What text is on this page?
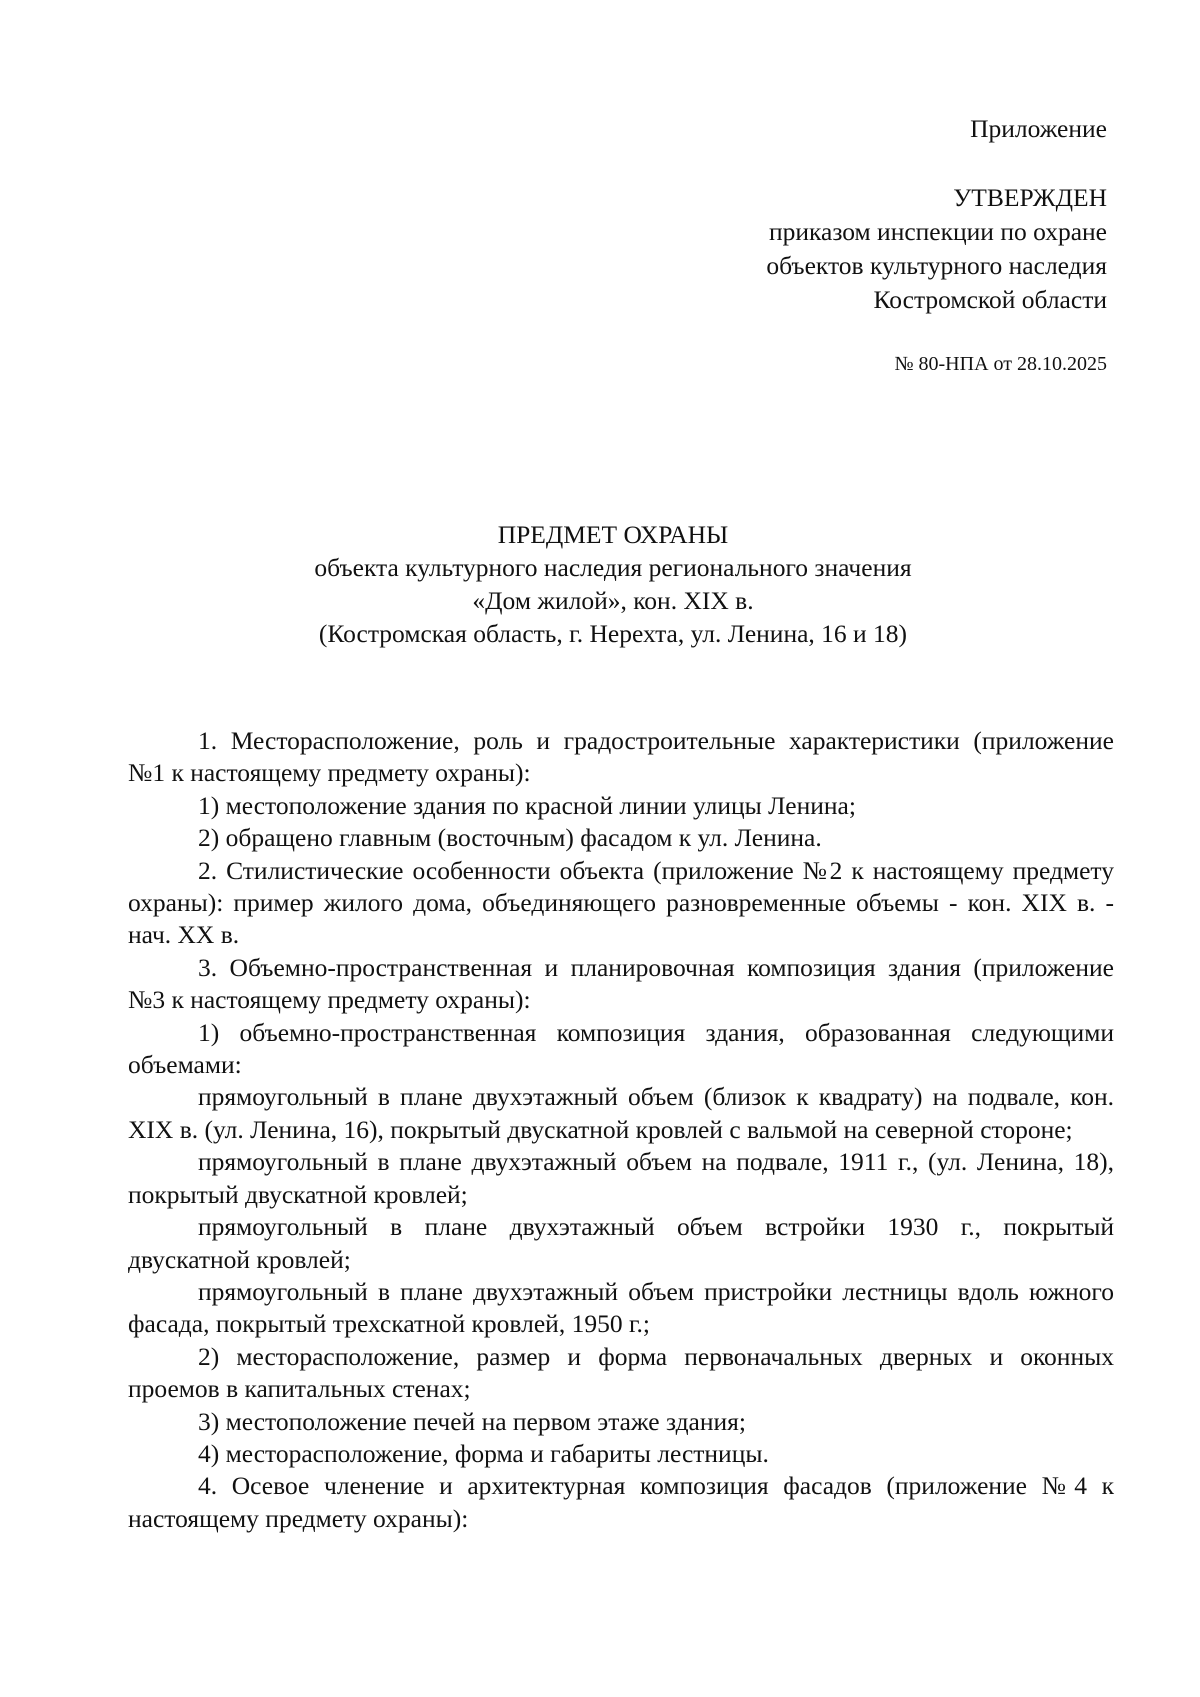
Приложение

УТВЕРЖДЕН

приказом инспекции по охране

объектов культурного наследия

Костромской области

№ 80-НПА от 28.10.2025

ПРЕДМЕТ ОХРАНЫ
объекта культурного наследия регионального значения
«Дом жилой», кон. XIX в.
(Костромская область, г. Нерехта, ул. Ленина, 16 и 18)

1. Месторасположение, роль и градостроительные характеристики (приложение №1 к настоящему предмету охраны):

1) местоположение здания по красной линии улицы Ленина;

2) обращено главным (восточным) фасадом к ул. Ленина.

2. Стилистические особенности объекта (приложение №2 к настоящему предмету охраны): пример жилого дома, объединяющего разновременные объемы - кон. XIX в. - нач. XX в.

3. Объемно-пространственная и планировочная композиция здания (приложение №3 к настоящему предмету охраны):

1) объемно-пространственная композиция здания, образованная следующими объемами:

прямоугольный в плане двухэтажный объем (близок к квадрату) на подвале, кон. XIX в. (ул. Ленина, 16), покрытый двускатной кровлей с вальмой на северной стороне;

прямоугольный в плане двухэтажный объем на подвале, 1911 г., (ул. Ленина, 18), покрытый двускатной кровлей;

прямоугольный в плане двухэтажный объем встройки 1930 г., покрытый двускатной кровлей;

прямоугольный в плане двухэтажный объем пристройки лестницы вдоль южного фасада, покрытый трехскатной кровлей, 1950 г.;

2) месторасположение, размер и форма первоначальных дверных и оконных проемов в капитальных стенах;

3) местоположение печей на первом этаже здания;

4) месторасположение, форма и габариты лестницы.

4. Осевое членение и архитектурная композиция фасадов (приложение №4 к настоящему предмету охраны):
